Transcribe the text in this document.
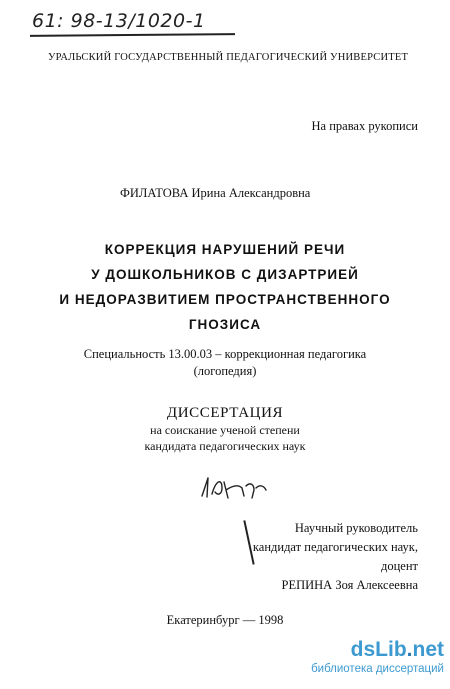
61: 98-13/1020-1
УРАЛЬСКИЙ ГОСУДАРСТВЕННЫЙ ПЕДАГОГИЧЕСКИЙ УНИВЕРСИТЕТ
На правах рукописи
ФИЛАТОВА Ирина Александровна
КОРРЕКЦИЯ НАРУШЕНИЙ РЕЧИ
У ДОШКОЛЬНИКОВ С ДИЗАРТРИЕЙ
И НЕДОРАЗВИТИЕМ ПРОСТРАНСТВЕННОГО
ГНОЗИСА
Специальность 13.00.03 – коррекционная педагогика
(логопедия)
ДИССЕРТАЦИЯ
на соискание ученой степени
кандидата педагогических наук
Научный руководитель
кандидат педагогических наук,
доцент
РЕПИНА Зоя Алексеевна
Екатеринбург — 1998
dsLib.net
библиотека диссертаций
